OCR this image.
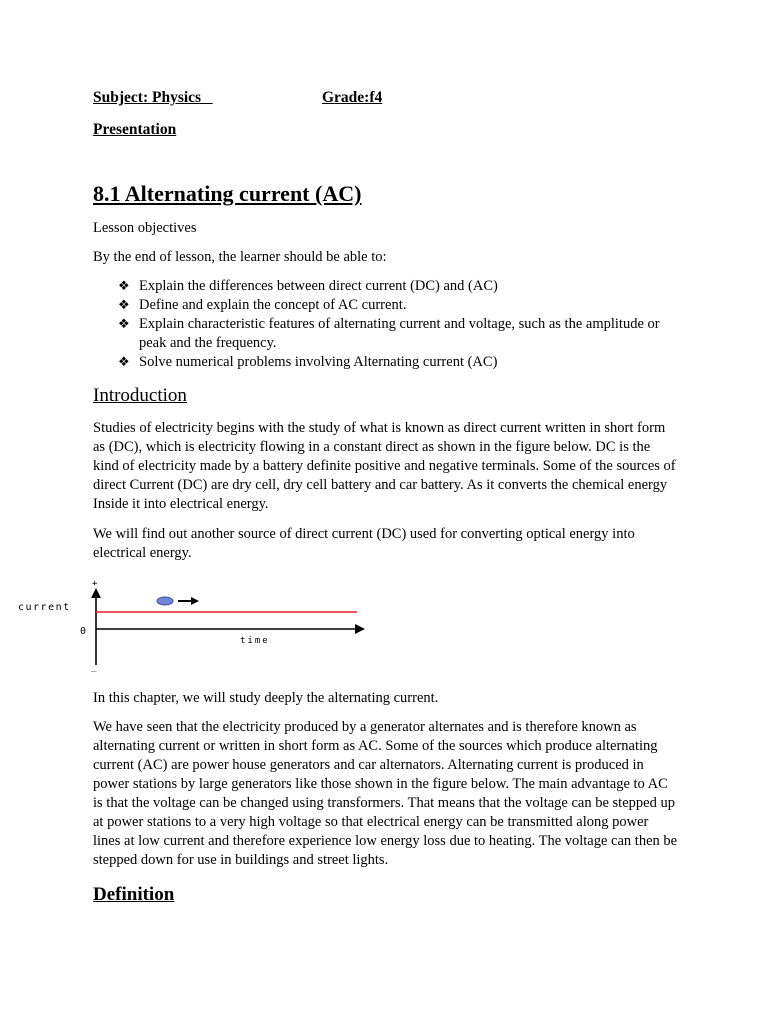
Subject: Physics	Grade:f4
Presentation
8.1 Alternating current (AC)

Lesson objectives

By the end of lesson, the learner should be able to:

❖ Explain the differences between direct current (DC) and (AC)
❖ Define and explain the concept of AC current.
❖ Explain characteristic features of alternating current and voltage, such as the amplitude or peak and the frequency.
❖ Solve numerical problems involving Alternating current (AC)
Introduction

Studies of electricity begins with the study of what is known as direct current written in short form as (DC), which is electricity flowing in a constant direct as shown in the figure below. DC is the kind of electricity made by a battery definite positive and negative terminals. Some of the sources of direct Current (DC) are dry cell, dry cell battery and car battery. As it converts the chemical energy Inside it into electrical energy.

We will find out another source of direct current (DC) used for converting optical energy into electrical energy.

+
current
0
_
time

In this chapter, we will study deeply the alternating current.

We have seen that the electricity produced by a generator alternates and is therefore known as alternating current or written in short form as AC. Some of the sources which produce alternating current (AC) are power house generators and car alternators. Alternating current is produced in power stations by large generators like those shown in the figure below. The main advantage to AC is that the voltage can be changed using transformers. That means that the voltage can be stepped up at power stations to a very high voltage so that electrical energy can be transmitted along power lines at low current and therefore experience low energy loss due to heating. The voltage can then be stepped down for use in buildings and street lights.

Definition
